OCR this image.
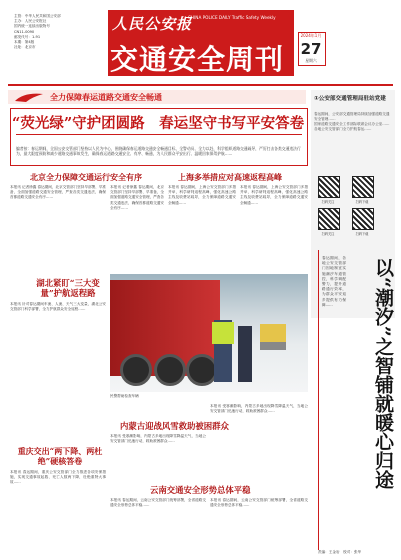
主管：中华人民共和国公安部
主办：人民公安报社
国内统一连续出版物号
CN11-0090
邮发代号：1-91
本期：第4版
社址：北京市
人民公安报
CHINA POLICE DAILY Traffic Safety Weekly
交通安全周刊
2024年1月
27
星期六
全力保障春运道路交通安全畅通
“荧光绿”守护团圆路　春运坚守书写平安答卷
编者按：春运期间，全国公安交管部门坚持以人民为中心，围绕确保春运道路交通安全畅通目标，全警动员、全力以赴，科学组织道路交通疏导，严厉打击各类交通违法行为，最大限度预防和减少道路交通事故发生，确保春运道路交通安全、有序、畅通，为人民群众平安出行、温暖回家保驾护航……
①公安部交通管理局驻站党建
春运期间，公安部交通管理局持续加强道路交通安全管理……
国家道路交通安全工作部际联席会议办公室……
各地公安交管部门全力护航春运……
扫码关注	扫码下载
扫码关注	扫码下载
北京全力保障交通运行安全有序
本报讯 记者徐鑫 春运期间，北京交管部门坚持早部署、早准备，全面加强道路交通安全管理，严查各类交通违法，确保首都道路交通安全有序……
本报讯 记者徐鑫 春运期间，北京交管部门坚持早部署、早准备，全面加强道路交通安全管理，严查各类交通违法，确保首都道路交通安全有序……
上海多举措应对高速返程高峰
本报讯 春运期间，上海公安交管部门多措并举，科学研判返程高峰，强化高速公路主线及收费站疏导，全力保障道路交通安全畅通……
本报讯 春运期间，上海公安交管部门多措并举，科学研判返程高峰，强化高速公路主线及收费站疏导，全力保障道路交通安全畅通……
湖北紧盯“三大变量”护航返程路
本报讯 针对春运期间车流、人流、天气三大变量，湖北公安交管部门科学部署，全力护航群众安全返程……
民警帮助检查车辆
重庆交出“两下降、两杜绝”硬核答卷
本报讯 春运期间，重庆公安交管部门全力推进各项安保措施，实现交通事故起数、死亡人数两下降，杜绝重特大事故……
内蒙古迎战风雪救助被困群众
本报讯 受寒潮影响，内蒙古多地出现降雪降温天气，当地公安交管部门迅速行动，救助被困群众……
本报讯 受寒潮影响，内蒙古多地出现降雪降温天气，当地公安交管部门迅速行动，救助被困群众……
云南交通安全形势总体平稳
本报讯 春运期间，云南公安交管部门统筹部署，全省道路交通安全形势总体平稳……
本报讯 春运期间，云南公安交管部门统筹部署，全省道路交通安全形势总体平稳……
春运期间，各地公安交管部门因地制宜实施潮汐车道管控，科学调配警力，提升道路通行效率，为群众平安返乡提供有力保障……	以“潮汐”之智铺就暖心归途
责编：王金岩　校对：张华
